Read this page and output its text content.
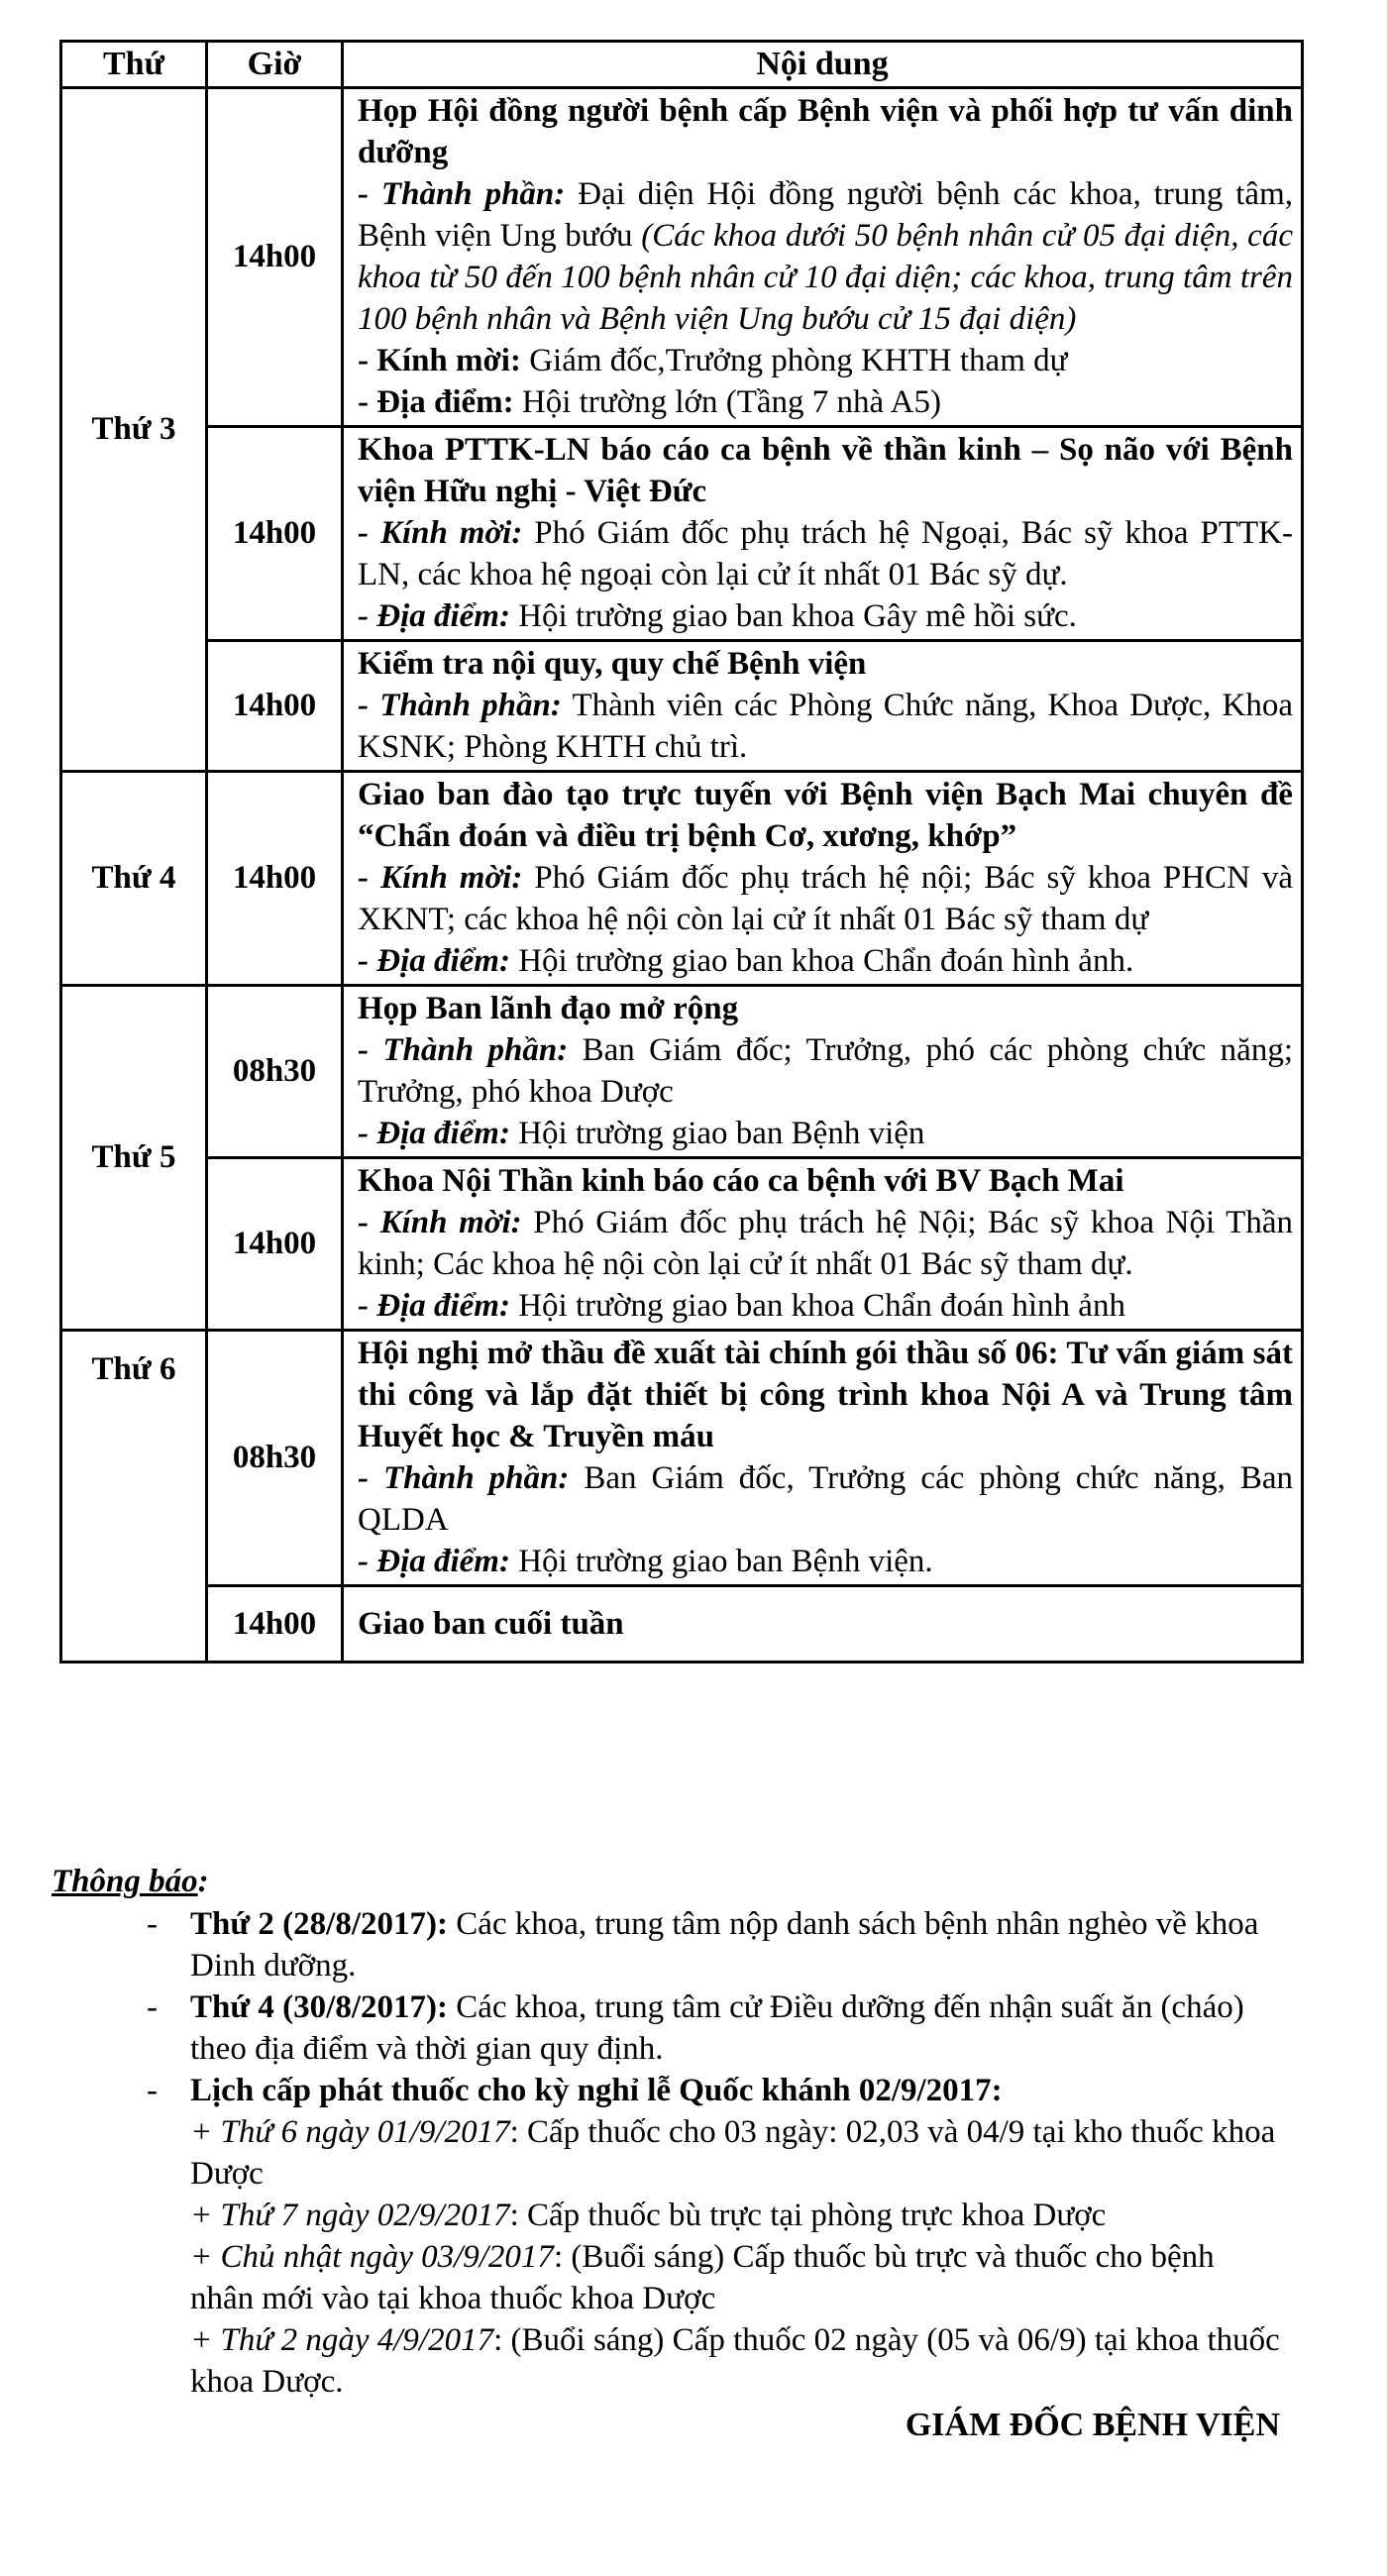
Thứ	Giờ	Nội dung
Thứ 3	14h00	Họp Hội đồng người bệnh cấp Bệnh viện và phối hợp tư vấn dinh dưỡng
- Thành phần: Đại diện Hội đồng người bệnh các khoa, trung tâm, Bệnh viện Ung bướu (Các khoa dưới 50 bệnh nhân cử 05 đại diện, các khoa từ 50 đến 100 bệnh nhân cử 10 đại diện; các khoa, trung tâm trên 100 bệnh nhân và Bệnh viện Ung bướu cử 15 đại diện)
- Kính mời: Giám đốc,Trưởng phòng KHTH tham dự
- Địa điểm: Hội trường lớn (Tầng 7 nhà A5)

	14h00	Khoa PTTK-LN báo cáo ca bệnh về thần kinh – Sọ não với Bệnh viện Hữu nghị - Việt Đức
- Kính mời: Phó Giám đốc phụ trách hệ Ngoại, Bác sỹ khoa PTTK-LN, các khoa hệ ngoại còn lại cử ít nhất 01 Bác sỹ dự.
- Địa điểm: Hội trường giao ban khoa Gây mê hồi sức.

	14h00	Kiểm tra nội quy, quy chế Bệnh viện
- Thành phần: Thành viên các Phòng Chức năng, Khoa Dược, Khoa KSNK; Phòng KHTH chủ trì.

Thứ 4	14h00	Giao ban đào tạo trực tuyến với Bệnh viện Bạch Mai chuyên đề “Chẩn đoán và điều trị bệnh Cơ, xương, khớp”
- Kính mời: Phó Giám đốc phụ trách hệ nội; Bác sỹ khoa PHCN và XKNT; các khoa hệ nội còn lại cử ít nhất 01 Bác sỹ tham dự
- Địa điểm: Hội trường giao ban khoa Chẩn đoán hình ảnh.

Thứ 5	08h30	Họp Ban lãnh đạo mở rộng
- Thành phần: Ban Giám đốc; Trưởng, phó các phòng chức năng; Trưởng, phó khoa Dược
- Địa điểm: Hội trường giao ban Bệnh viện

	14h00	Khoa Nội Thần kinh báo cáo ca bệnh với BV Bạch Mai
- Kính mời: Phó Giám đốc phụ trách hệ Nội; Bác sỹ khoa Nội Thần kinh; Các khoa hệ nội còn lại cử ít nhất 01 Bác sỹ tham dự.
- Địa điểm: Hội trường giao ban khoa Chẩn đoán hình ảnh

Thứ 6	08h30	Hội nghị mở thầu đề xuất tài chính gói thầu số 06: Tư vấn giám sát thi công và lắp đặt thiết bị công trình khoa Nội A và Trung tâm Huyết học & Truyền máu
- Thành phần: Ban Giám đốc, Trưởng các phòng chức năng, Ban QLDA
- Địa điểm: Hội trường giao ban Bệnh viện.

	14h00	Giao ban cuối tuần
Thông báo:
- Thứ 2 (28/8/2017): Các khoa, trung tâm nộp danh sách bệnh nhân nghèo về khoa Dinh dưỡng.
- Thứ 4 (30/8/2017): Các khoa, trung tâm cử Điều dưỡng đến nhận suất ăn (cháo) theo địa điểm và thời gian quy định.
- Lịch cấp phát thuốc cho kỳ nghỉ lễ Quốc khánh 02/9/2017:
+ Thứ 6 ngày 01/9/2017: Cấp thuốc cho 03 ngày: 02,03 và 04/9 tại kho thuốc khoa Dược
+ Thứ 7 ngày 02/9/2017: Cấp thuốc bù trực tại phòng trực khoa Dược
+ Chủ nhật ngày 03/9/2017: (Buổi sáng) Cấp thuốc bù trực và thuốc cho bệnh nhân mới vào tại khoa thuốc khoa Dược
+ Thứ 2 ngày 4/9/2017: (Buổi sáng) Cấp thuốc 02 ngày (05 và 06/9) tại khoa thuốc khoa Dược.
GIÁM ĐỐC BỆNH VIỆN
